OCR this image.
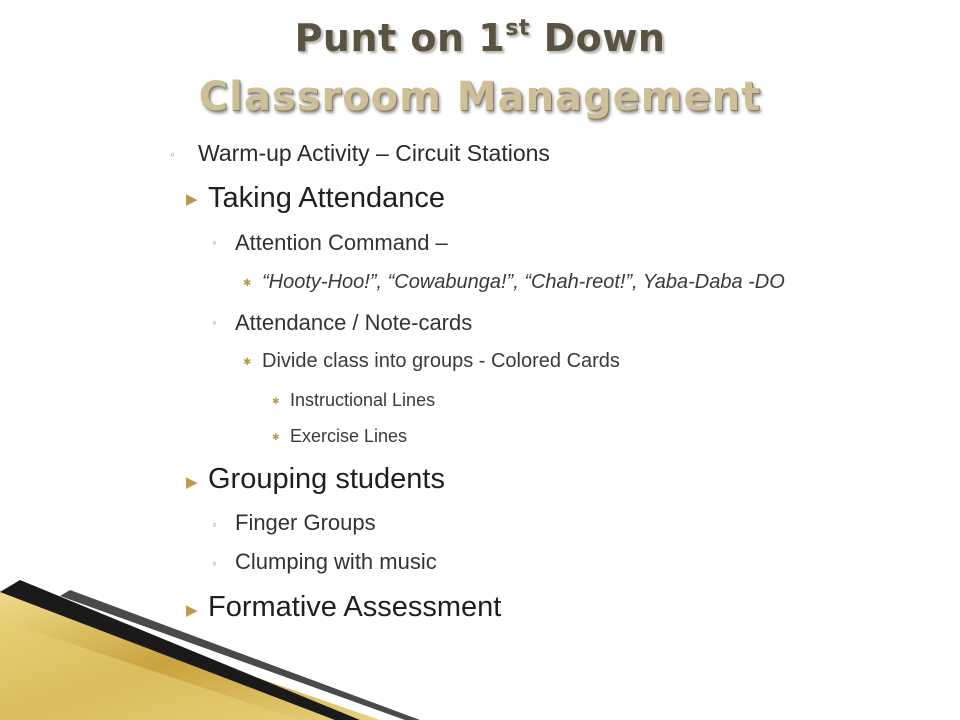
Punt on 1st Down
Classroom Management
◦ Warm-up Activity – Circuit Stations
▶ Taking Attendance
◦ Attention Command –
✱ “Hooty-Hoo!”, “Cowabunga!”, “Chah-reot!”, Yaba-Daba -DO
◦ Attendance / Note-cards
✱ Divide class into groups - Colored Cards
✱ Instructional Lines
✱ Exercise Lines
▶ Grouping students
◦ Finger Groups
◦ Clumping with music
▶ Formative Assessment
